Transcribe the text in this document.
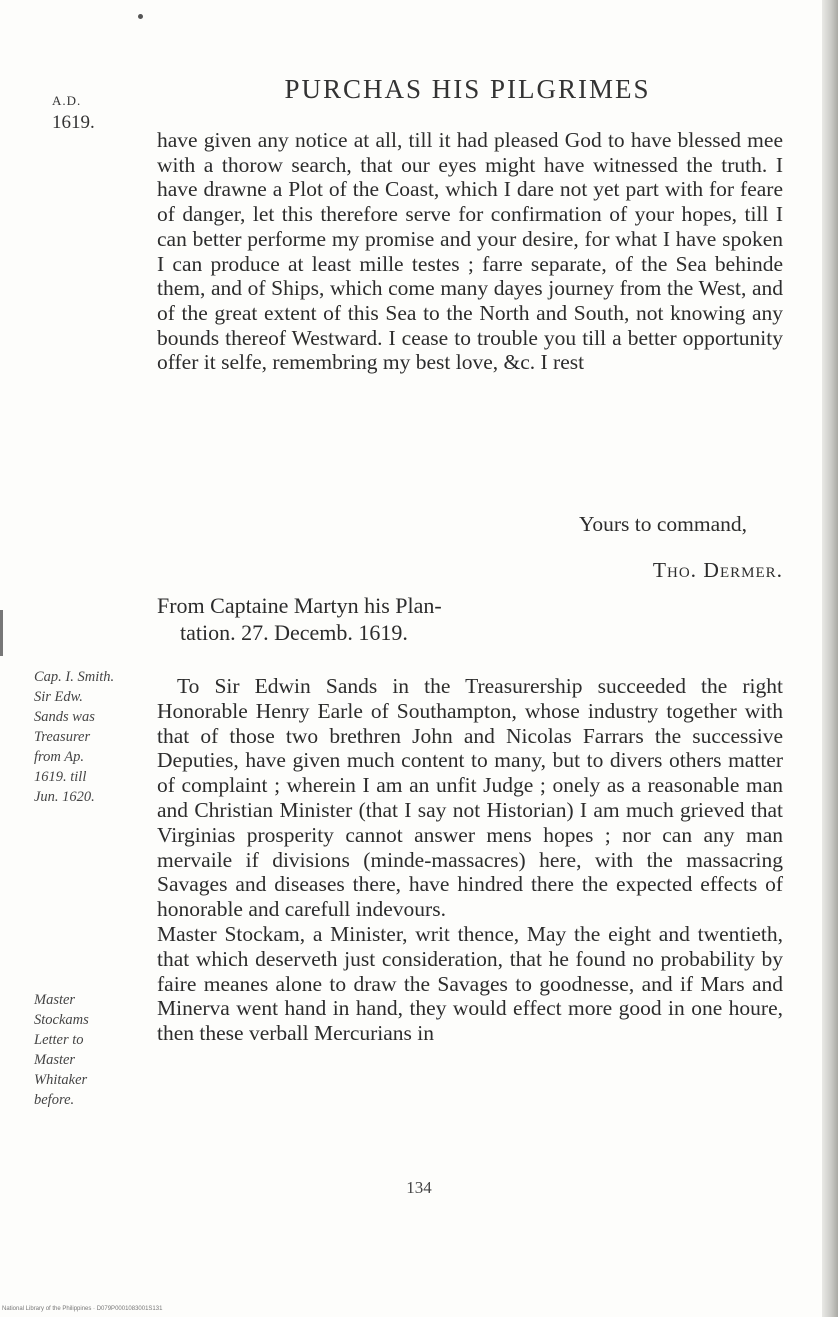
A.D.
1619.
PURCHAS HIS PILGRIMES

have given any notice at all, till it had pleased God to have blessed mee with a thorow search, that our eyes might have witnessed the truth. I have drawne a Plot of the Coast, which I dare not yet part with for feare of danger, let this therefore serve for confirmation of your hopes, till I can better performe my promise and your desire, for what I have spoken I can produce at least mille testes ; farre separate, of the Sea behinde them, and of Ships, which come many dayes journey from the West, and of the great extent of this Sea to the North and South, not knowing any bounds thereof Westward. I cease to trouble you till a better opportunity offer it selfe, remembring my best love, &c. I rest

Yours to command,
Tho. Dermer.
From Captaine Martyn his Plan-
tation. 27. Decemb. 1619.

To Sir Edwin Sands in the Treasurership succeeded the right Honorable Henry Earle of Southampton, whose industry together with that of those two brethren John and Nicolas Farrars the successive Deputies, have given much content to many, but to divers others matter of complaint ; wherein I am an unfit Judge ; onely as a reasonable man and Christian Minister (that I say not Historian) I am much grieved that Virginias prosperity cannot answer mens hopes ; nor can any man mervaile if divisions (minde-massacres) here, with the massacring Savages and diseases there, have hindred there the expected effects of honorable and carefull indevours.

Master Stockam, a Minister, writ thence, May the eight and twentieth, that which deserveth just consideration, that he found no probability by faire meanes alone to draw the Savages to goodnesse, and if Mars and Minerva went hand in hand, they would effect more good in one houre, then these verball Mercurians in

Cap. I. Smith.
Sir Edw.
Sands was
Treasurer
from Ap.
1619. till
Jun. 1620.
Master
Stockams
Letter to
Master
Whitaker
before.
134
National Library of the Philippines · D079P0001083001S131
